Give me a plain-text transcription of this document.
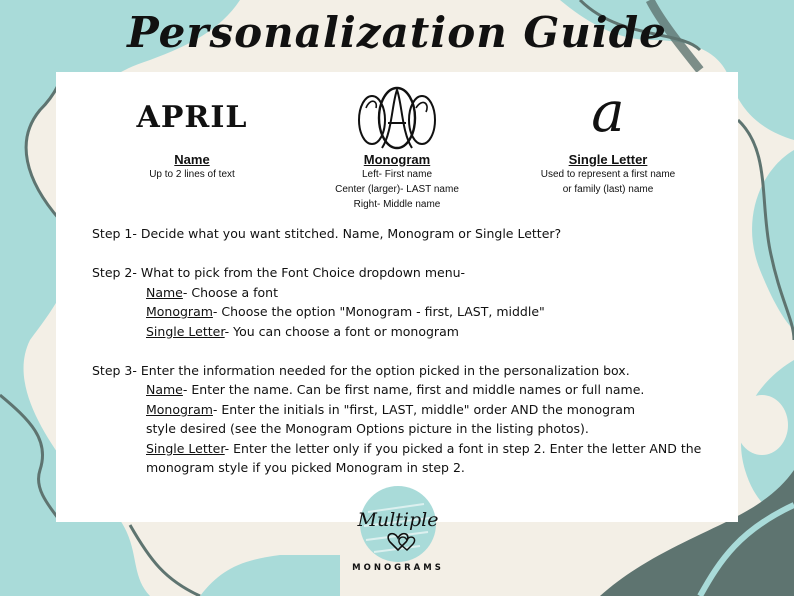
Personalization Guide
APRIL
Name
Up to 2 lines of text
Monogram
Left- First name
Center (larger)- LAST name
Right- Middle name
a
Single Letter
Used to represent a first name
or family (last) name
Step 1- Decide what you want stitched. Name, Monogram or Single Letter?
Step 2- What to pick from the Font Choice dropdown menu-
Name- Choose a font
Monogram- Choose the option "Monogram - first, LAST, middle"
Single Letter- You can choose a font or monogram
Step 3- Enter the information needed for the option picked in the personalization box.
Name- Enter the name. Can be first name, first and middle names or full name.
Monogram- Enter the initials in "first, LAST, middle" order AND the monogram
style desired (see the Monogram Options picture in the listing photos).
Single Letter- Enter the letter only if you picked a font in step 2. Enter the letter AND the
monogram style if you picked Monogram in step 2.
Multiple
MONOGRAMS
